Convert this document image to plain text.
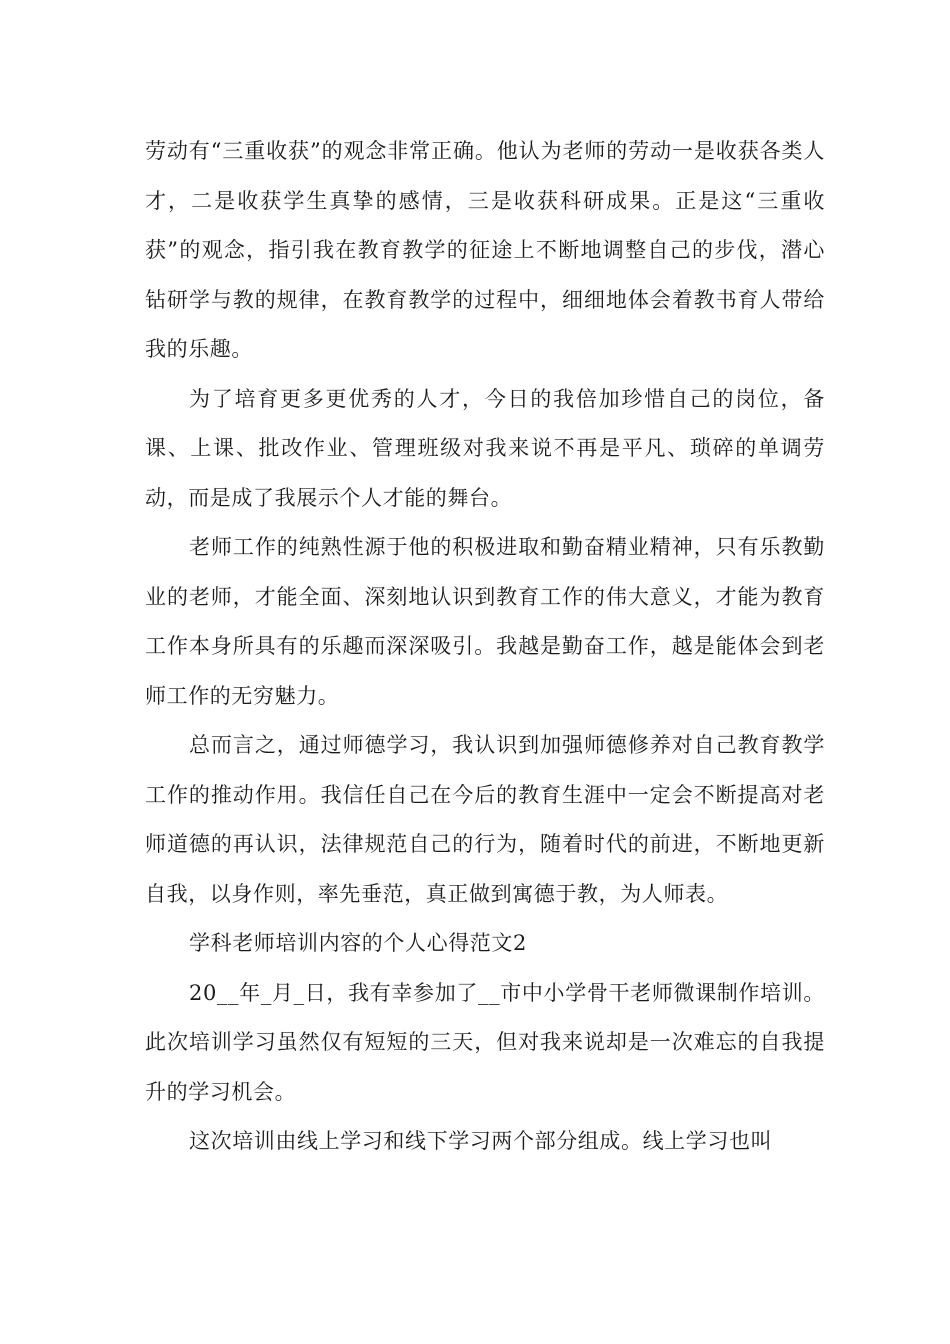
劳动有“三重收获”的观念非常正确。他认为老师的劳动一是收获各类人才，二是收获学生真挚的感情，三是收获科研成果。正是这“三重收获”的观念，指引我在教育教学的征途上不断地调整自己的步伐，潜心钻研学与教的规律，在教育教学的过程中，细细地体会着教书育人带给我的乐趣。

为了培育更多更优秀的人才，今日的我倍加珍惜自己的岗位，备课、上课、批改作业、管理班级对我来说不再是平凡、琐碎的单调劳动，而是成了我展示个人才能的舞台。

老师工作的纯熟性源于他的积极进取和勤奋精业精神，只有乐教勤业的老师，才能全面、深刻地认识到教育工作的伟大意义，才能为教育工作本身所具有的乐趣而深深吸引。我越是勤奋工作，越是能体会到老师工作的无穷魅力。

总而言之，通过师德学习，我认识到加强师德修养对自己教育教学工作的推动作用。我信任自己在今后的教育生涯中一定会不断提高对老师道德的再认识，法律规范自己的行为，随着时代的前进，不断地更新自我，以身作则，率先垂范，真正做到寓德于教，为人师表。

学科老师培训内容的个人心得范文2

20__年_月_日，我有幸参加了__市中小学骨干老师微课制作培训。此次培训学习虽然仅有短短的三天，但对我来说却是一次难忘的自我提升的学习机会。

这次培训由线上学习和线下学习两个部分组成。线上学习也叫
